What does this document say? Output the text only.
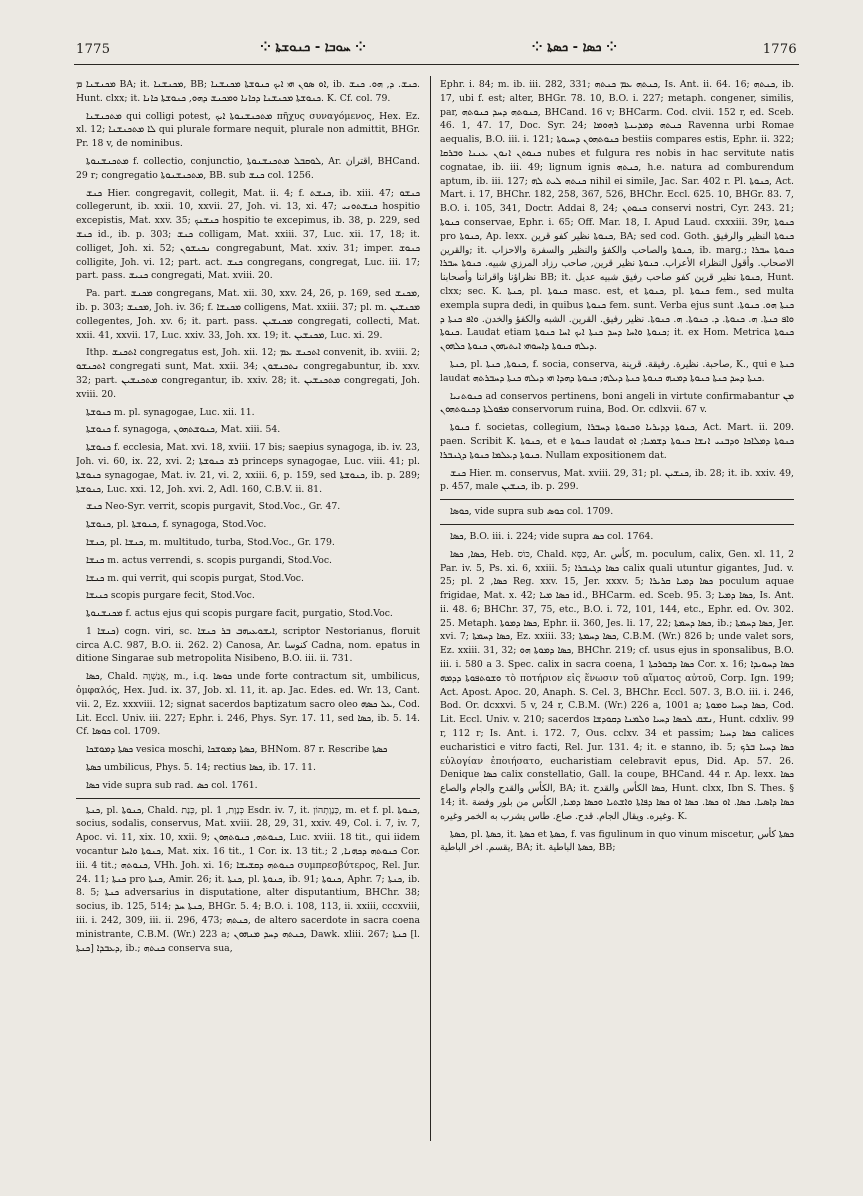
1775	⁘ ܚܘܒܐ - ܟܢܘܫܬܐ ⁘	⁘ ܟܣܐ - ܟܣܬܐ ⁘	1776

ܡܟܢܫܢܐ ܡ BA; it. ܡܟܢܫܢܐ, BB; ܐܘ ܣܘܢ ܗܝ ܐܝܟ ܟܢܘܫܬܐ ܡܟܢܫܢܐ, ib. ܟܢܫ. ܕ, ܗܘ. ܟܢܫ. Hunt. clxx; it. ܟܢܘܫܬܐ ܡܟܢܫܢܐ ܕܟܐܢܐ ܘܡܟܢܫ ܕܗܘ, ܟܢܘܫܬܐ ܟܐܢܐ. K. Cf. col. 79.

ܡܬܟܢܫܢܐ qui colligi potest, ܡܬܟܢܫܢܘܬܐ ܐܝܟ πῆχυς συναγόμενος, Hex. Ez. xl. 12; ܠܐ ܡܬܟܢܫܢܐ qui plurale formare nequit, plurale non admittit, BHGr. Pr. 18 v, de nominibus.

ܡܬܟܢܫܢܘܬܐ f. collectio, conjunctio, ܠܘܩܒܠ ܡܬܟܢܫܢܘܬܐ, Ar. اقتران, BHCand. 29 r; congregatio ܡܬܟܢܫܢܘܬܐ, BB. sub ܟܢܫ col. 1256.

ܟܢܫ Hier. congregavit, collegit, Mat. ii. 4; f. ܟܢܫܬ, ib. xiii. 47; ܟܢܫܘ collegerunt, ib. xxii. 10, xxvii. 27, Joh. vi. 13, xi. 47; ܟܢܫܬܘܢܝ hospitio excepistis, Mat. xxv. 35; ܟܢܫܢܟ hospitio te excepimus, ib. 38, p. 229, sed ܟܢܫ id., ib. p. 303; ܟܢܫ colligam, Mat. xxiii. 37, Luc. xii. 17, 18; it. colliget, Joh. xi. 52; ܢܟܢܫܘܢ congregabunt, Mat. xxiv. 31; imper. ܟܢܘܫ colligite, Joh. vi. 12; part. act. ܟܢܫ congregans, congregat, Luc. iii. 17; part. pass. ܟܢܝܫ congregati, Mat. xviii. 20.

Pa. part. ܡܟܢܫ congregans, Mat. xii. 30, xxv. 24, 26, p. 169, sed ܡܟܢܫ, ib. p. 303; ܡܟܢܫ, Joh. iv. 36; f. ܡܟܢܫܐ colligens, Mat. xxiii. 37; pl. m. ܡܟܢܫܝܢ collegentes, Joh. xv. 6; it. part. pass. ܡܟܢܫܝܢ congregati, collecti, Mat. xxii. 41, xxvii. 17, Luc. xxiv. 33, Joh. xx. 19; it. ܡܟܢܫܝܢ, Luc. xi. 29.

Ithp. ܐܬܟܢܫ congregatus est, Joh. xii. 12; ܐܬܟܢܫ ܥܡ convenit, ib. xviii. 2; ܐܬܟܢܫܘ congregati sunt, Mat. xxii. 34; ܢܬܟܢܫܘܢ congregabuntur, ib. xxv. 32; part. ܡܬܟܢܫܝܢ congregantur, ib. xxiv. 28; it. ܡܬܟܢܫܝܢ congregati, Joh. xviii. 20.

ܟܢܘܫܬܐ m. pl. synagogae, Luc. xii. 11.

ܟܢܘܫܬܐ f. synagoga, ܟܢܘܫܬܗܘܢ, Mat. xiii. 54.

ܟܢܘܫܬܐ f. ecclesia, Mat. xvi. 18, xviii. 17 bis; saepius synagoga, ib. iv. 23, Joh. vi. 60, ix. 22, xvi. 2; ܪܫ ܟܢܘܫܬܐ princeps synagogae, Luc. viii. 41; pl. ܟܢܘܫܬܐ synagogae, Mat. iv. 21, vi. 2, xxiii. 6, p. 159, sed ܟܢܘܫܬܐ, ib. p. 289; ܟܢܘܫܬܐ, Luc. xxi. 12, Joh. xvi. 2, Adl. 160, C.B.V. ii. 81.

ܟܢܫ Neo-Syr. verrit, scopis purgavit, Stod.Voc., Gr. 47.

ܟܢܘܫܬܐ, pl. ܟܢܘܫܬܐ, f. synagoga, Stod.Voc.

ܟܢܫܐ, pl. ܟܢܫܐ, m. multitudo, turba, Stod.Voc., Gr. 179.

ܟܢܫܐ m. actus verrendi, s. scopis purgandi, Stod.Voc.

ܟܢܫܐ m. qui verrit, qui scopis purgat, Stod.Voc.

ܟܢܝܫܐ scopis purgare fecit, Stod.Voc.

ܡܟܢܫܢܘܬܐ f. actus ejus qui scopis purgare facit, purgatio, Stod.Voc.

ܟܢܫܐ 1) cogn. viri, sc. ܐܝܫܘܥܝܗܒ ܒܪ ܟܢܫܐ, scriptor Nestorianus, floruit circa A.C. 987, B.O. ii. 262. 2) Canosa, Ar. كنوسا Cadna, nom. epatus in ditione Singarae sub metropolita Nisibeno, B.O. iii. ii. 731.

ܟܣܐ, Chald. אֲנַשְׁוָה, m., i.q. ܟܘܣܐ unde forte contractum sit, umbilicus, ὀμφαλός, Hex. Jud. ix. 37, Job. xl. 11, it. ap. Jac. Edes. ed. Wr. 13, Cant. vii. 2, Ez. xxxviii. 12; signat sacerdos baptizatum sacro oleo ܥܠ ܟܣܗ, Cod. Lit. Eccl. Univ. iii. 227; Ephr. i. 246, Phys. Syr. 17. 11, sed ܟܣܐ, ib. 5. 14. Cf. ܟܘܣܐ col. 1709.

ܟܣܬܐ ܕܡܘܫܟܐ vesica moschi, ܟܣܬܐ ܕܡܘܫܟܐ, BHNom. 87 r. Rescribe ܟܣܬܐ

ܟܣܬܐ umbilicus, Phys. 5. 14; rectius ܟܣܐ, ib. 17. 11.

ܟܣܐ vide supra sub rad. ܟܣ col. 1761.

ܟܢܬܐ, pl. ܟܢܘܬܐ, Chald. כְּנָת, pl. כְּנָוָת, 1 Esdr. iv. 7, it. כְּנָוָתְהוֹן, m. et f. pl. ܟܢܘܬܐ, socius, sodalis, conservus, Mat. xviii. 28, 29, 31, xxiv. 49, Col. i. 7, iv. 7, Apoc. vi. 11, xix. 10, xxii. 9; ܟܢܘܬܗ, ܟܢܘܬܗܘܢ, Luc. xviii. 18 tit., qui iidem vocantur ܟܢܘܬܐ ܘܐܚܐ, Mat. xix. 16 tit., 1 Cor. ix. 13 tit.; ܟܢܘܬܗ ܕܟܗܢܐ, 2 Cor. iii. 4 tit.; ܟܢܘܬܗ, VHh. Joh. xi. 16; ܟܢܘܬܗ ܕܩܫܝܫܐ συμπρεσβύτερος, Rel. Jur. 24. 11; ܟܢܬܐ pro ܟܢܬܐ, Amir. 26; it. ܟܢܬܐ, pl. ܟܢܘܬܐ, ib. 91; ܟܢܘܬܐ, Aphr. 7; ܟܢܬܐ, ib. 8. 5; ܟܢܬܐ adversarius in disputatione, alter disputantium, BHChr. 38; socius, ib. 125, 514; ܟܢܬܐ ܚܕ, BHGr. 5. 4; B.O. i. 108, 113, ii. xxiii, cccxviii, iii. i. 242, 309, iii. ii. 296, 473; ܟܢܬܗ, de altero sacerdote in sacra coena ministrante, C.B.M. (Wr.) 223 a; ܟܢܬܗ ܕܚܕ ܡܢܗܘܢ, Dawk. xliii. 267; ܟܢܬܐ [l. ܟܢܬܐ] ܕܥܒܕܐ, ib.; ܟܢܬܗ conserva sua,

Ephr. i. 84; m. ib. iii. 282, 331; ܟܢܬܗ ܥܡ ܟܢܬܗ, Is. Ant. ii. 64. 16; ܟܢܬܗ, ib. 17, ubi f. est; alter, BHGr. 78. 10, B.O. i. 227; metaph. congener, similis, par, ܟܢܘܬܗ ܕܚܕ ܟܢܘܬܗ, BHCand. 16 v; BHCarm. Cod. clvii. 152 r, ed. Sceb. 46. 1, 47. 17, Doc. Syr. 24; ܟܢܬܗ ܕܡܕܝܢܬܐ ܪܗܘܡܐ Ravenna urbi Romae aequalis, B.O. iii. i. 121; ܟܢܘܬܗܘܢ ܕܚܝܘܬܐ bestiis compares estis, Ephr. ii. 322; ܟܢܘܬܢ ܐܢܘܢ ܥܢܢܐ ܘܒܪܩܐ nubes et fulgura res nobis in hac servitute natis cognatae, ib. iii. 49; lignum ignis ܟܢܬܗ, h.e. natura ad comburendum aptum, ib. iii. 127; ܟܢܬܗ ܠܝܬ ܠܗ nihil ei simile, Jac. Sar. 402 r. Pl. ܟܢܘܬܐ, Act. Mart. i. 17, BHChr. 182, 258, 367, 526, BHChr. Eccl. 625. 10, BHGr. 83. 7, B.O. i. 105, 341, Doctr. Addai 8, 24; ܟܢܘܬܢ conservi nostri, Cyr. 243. 21; ܟܢܘܬܐ conservae, Ephr. i. 65; Off. Mar. 18, I. Apud Laud. cxxxiii. 39r, ܟܢܘܬܐ pro ܟܢܘܬܐ, Ap. lexx. ܟܢܘܬܐ نظير كفو قرين, BA; sed cod. Goth. ܟܢܘܬܐ النظير والرفيق والقرين; it. ܟܢܘܬܐ والصاحب والكفؤ والنظير والسفرة والاحزاب, ib. marg.; ܟܢܘܬܐ ܚܒܪܐ الاصحاب. وأقول النظراء الأعراب. ܟܢܘܬܐ نظير قرين, صاحب رزاد المرزي شبيه. ܟܢܘܬܐ ܚܒܪܐ نظراؤنا واقراننا وأصحابنا BB; it. ܟܢܘܬܐ نظير قرين كفو صاحب رفيق شبيه عديل, Hunt. clxx; sec. K. ܟܢܬܐ, pl. ܟܢܘܬܐ masc. est, et ܟܢܘܬܐ, pl. ܟܢܘܬܐ fem., sed multa exempla supra dedi, in quibus ܟܢܘܬܐ fem. sunt. Verba ejus sunt ܟܢܬܐ ܗܘ. ܟܢܘܬܐ. ܘܐܦ ܟܢܬܐ. ܗ. ܟܢܘܬܐ. ܕ. ܟܢܘܬܐ. ܗ. ܟܢܘܬܐ. نظير رفيق. القرين. الشبه والكفؤ والخدن. ܘܐܦ ܟܢܬܐ ܕ ܟܢܘܬܐ. Laudat etiam ܟܢܘܬܐ ܘܐܚܐ ܕܚܕ ܟܢܬܐ ܐܝܟ ܐܚܐ ܟܢܘܬܐ; it. ex Hom. Metrica ܟܢܘܬܐ ܕܝܠܗ ܟܢܘܬܐ ܕܐܚܘܗܝ ܐܝܬܝܗܘܢ ܟܢܘܬܐ ܟܠܗܘܢ.

ܟܢܬܐ, pl. ܟܢܘܬܐ, ܟܢܬܐ, f. socia, conserva, صاحبة. نظيرة. رفيقة. قرينة, K., qui e ܟܢܬܐ laudat ܟܢܬܐ ܕܚܕ ܟܢܬܐ ܟܢܘܬܐ ܕܡܢܗ ܟܢܘܬܐ ܟܢܬܐ ܕܝܠܗ; ܟܢܘܬܐ ܕܗܕܐ ܗܝ ܕܝܠܗ ܟܢܬܐ ܕܚܒܪܬܗ.

ܟܢܘܬܢܝܐ ad conservos pertinens, boni angeli in virtute confirmabantur ܡܢ ܡܦܘܠܬܐ ܕܟܢܘܬܗܘܢ conservorum ruina, Bod. Or. cdlxvii. 67 v.

ܟܢܘܬܐ f. societas, collegium, ܟܢܘܬܐ ܕܕܝܪܝܐ ܘܟܢܘܬܐ ܕܚܒܪܐ, Act. Mart. ii. 209. paen. Scribit K. ܟܢܘܬܐ, et e ܟܢܘܬܐ laudat ܟܢܘܬܐ ܕܡܠܐܟܐ ܘܕܒܢܝ ܐܢܫܐ ܟܢܘܬܐ ܕܫܡܝܐ; ܐܘ ܟܢܘܬܐ ܕܥܠܡܐ ܟܢܘܬܐ ܕܓܢܒܪܐ. Nullam expositionem dat.

ܟܢܫ Hier. m. conservus, Mat. xviii. 29, 31; pl. ܟܢܫܝܢ, ib. 28; it. ib. xxiv. 49, p. 457, male ܟܢܫܝܢ, ib. p. 299.

ܟܘܣܐ, vide supra sub ܟܘܣ col. 1709.

ܟܣܐ, B.O. iii. i. 224; vide supra ܟܣ col. 1764.

ܟܣܐ, ܟܣܐ, Heb. כּוֹס, Chald. כַּסָּא, Ar. كأس, m. poculum, calix, Gen. xl. 11, 2 Par. iv. 5, Ps. xi. 6, xxiii. 5; ܟܣܐ ܕܓܢܒܪܐ calix quali utuntur gigantes, Jud. v. 25; pl. ܟܣܐ, 2 Reg. xxv. 15, Jer. xxxv. 5; ܟܣܐ ܕܡܝܐ ܩܪܝܪܐ poculum aquae frigidae, Mat. x. 42; ܟܣܐ ܡܝܐ id., BHCarm. ed. Sceb. 95. 3; ܟܣܐ ܕܡܝܐ, Is. Ant. ii. 48. 6; BHChr. 37, 75, etc., B.O. i. 72, 101, 144, etc., Ephr. ed. Ov. 302. 25. Metaph. ܟܣܐ ܕܡܘܬܐ, Ephr. ii. 360, Jes. li. 17, 22; ܟܣܐ ܕܚܡܬܐ, ib.; ܟܣܐ ܕܚܡܬܐ, Jer. xvi. 7; ܟܣܐ ܕܚܡܬܐ, Ez. xxiii. 33; ܟܣܐ ܕܚܡܬܐ, C.B.M. (Wr.) 826 b; unde valet sors, Ez. xxiii. 31, 32; ܟܣܐ ܕܡܘܬܐ ܗܘ, BHChr. 219; cf. usus ejus in sponsalibus, B.O. iii. i. 580 a 3. Spec. calix in sacra coena, ܟܣܐ ܕܒܘܪܟܬܐ 1 Cor. x. 16; ܟܣܐ ܕܚܘܝܕܐ ܘܫܘܬܦܘܬܐ ܕܕܡܗ τὸ ποτήριον εἰς ἕνωσιν τοῦ αἵματος αὐτοῦ, Corp. Ign. 199; Act. Apost. Apoc. 20, Anaph. S. Cel. 3, BHChr. Eccl. 507. 3, B.O. iii. i. 246, Bod. Or. dcxxvi. 5 v, 24 r, C.B.M. (Wr.) 226 a, 1001 a; ܟܣܐ ܕܚܝܐ ܘܡܘܬܐ, Cod. Lit. Eccl. Univ. v. 210; sacerdos ܢܫܩ ܠܟܣܐ ܕܚܝܐ ܘܠܡܢܐ ܕܩܘܕܫܐ, Hunt. cdxliv. 99 r, 112 r; Is. Ant. i. 172. 7, Ous. cclxv. 34 et passim; ܟܣܐ ܕܚܝܐ calices eucharistici e vitro facti, Rel. Jur. 131. 4; it. e stanno, ib. 5; ܟܣܐ ܕܚܝܐ ܒܪܟ εὐλογίαν ἐποιήσατο, eucharistiam celebravit epus, Did. Ap. 57. 26. Denique ܟܣܐ calix constellatio, Gall. la coupe, BHCand. 44 r. Ap. lexx. ܟܣܐ الكأس والقدح والجام والصاع, BA; it. ܟܣܐ الكأس والقدح, Hunt. clxx, Ibn S. Thes. § 14; it. ܟܣܐ ܕܐܣܝܐ. ܟܣܐ. ܐܘ ܟܣܐ. ܟܣܐ ܐܘ ܟܣܐ ܕܦܐܬܐ ܘܐܫܬܝܐ ܘܟܣܐ ܕܡܝܐ, الكأس من بلور وفضة وغيره. ويقال الجام. قدح. صاع. طاس يشرب به الخمر وغيره. K.

ܟܣܬܐ, pl. ܟܣܬܐ, it. ܟܣܬܐ et ܟܣܬܐ, f. vas figulinum in quo vinum miscetur, ܟܣܬܐ كأس يقسم. اخر الباطية, BA; it. ܟܣܬܐ الباطية, BB;
